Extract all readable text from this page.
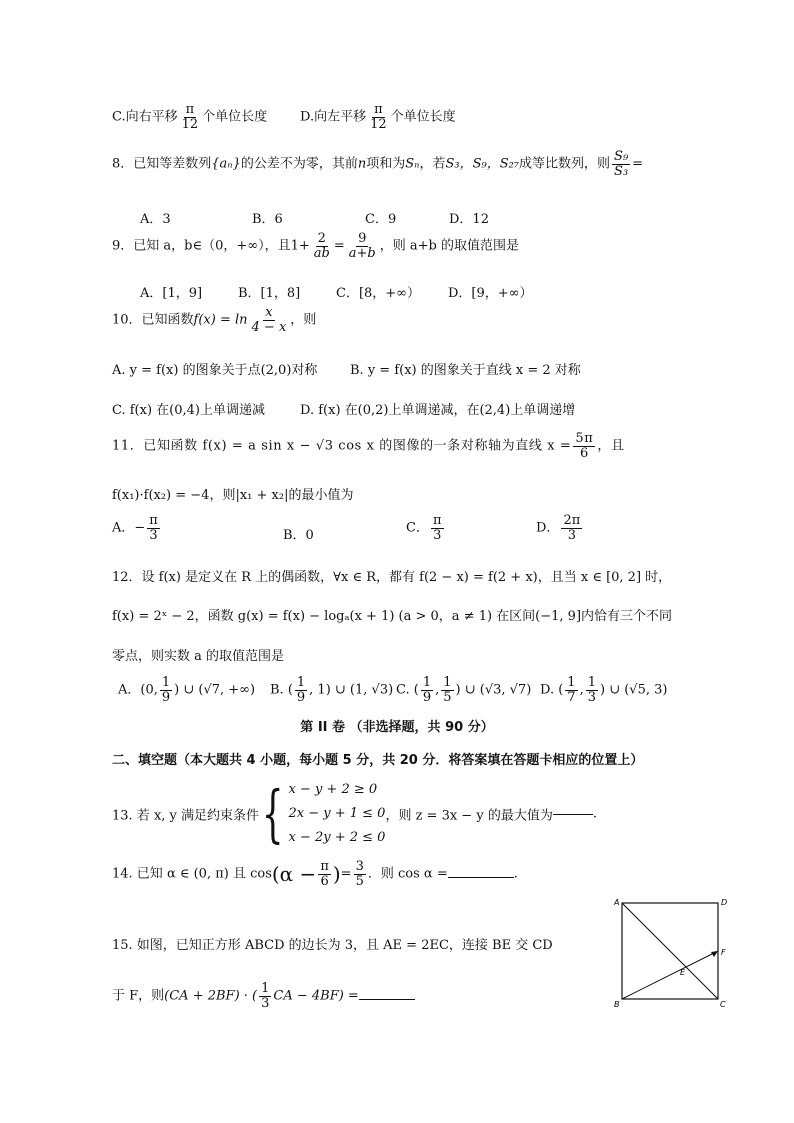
C.向右平移 $\frac{\pi}{12}$ 个单位长度	D.向左平移 $\frac{\pi}{12}$ 个单位长度
8．已知等差数列{aₙ}的公差不为零，其前n项和为Sₙ，若S₃，S₉，S₂₇成等比数列，则 $\frac{\text{S₉}}{\text{S₃}}$ =
A．3	B．6	C．9	D．12
9．已知 a，b∈（0，+∞），且$1+ \frac{2}{ab} = \frac{9}{a+b}$ ，则 a+b 的取值范围是
A．[1，9]	B．[1，8]	C．[8，+∞） D．[9，+∞）
10．已知函数$f(x) = \ln \frac{x}{4 - x}$ ，则
A. y = f(x) 的图象关于点(2,0)对称	B. y = f(x) 的图象关于直线 x = 2 对称
C. f(x) 在(0,4)上单调递减	D. f(x) 在(0,2)上单调递减，在(2,4)上单调递增
11．已知函数 f(x) = a sin x − √3 cos x 的图像的一条对称轴为直线 $x = \frac{5\pi}{6}$ ，且
f(x₁)·f(x₂) = −4，则|x₁ + x₂|的最小值为
A．− $\frac{\pi}{3}$	B．0	C． $\frac{\pi}{3}$	D． $\frac{2\pi}{3}$
12．设 f(x) 是定义在 R 上的偶函数，∀x ∈ R，都有 f(2 − x) = f(2 + x)，且当 x ∈ [0, 2] 时，
f(x) = 2ˣ − 2，函数 g(x) = f(x) − logₐ(x + 1) (a > 0，a ≠ 1) 在区间(−1, 9]内恰有三个不同
零点，则实数 a 的取值范围是
A．(0, $\frac{1}{9}$ ) ∪ (√7, +∞) B. ( $\frac{1}{9}$ , 1) ∪ (1, √3) C. ( $\frac{1}{9}$ , $\frac{1}{5}$ ) ∪ (√3, √7) D. ( $\frac{1}{7}$ , $\frac{1}{3}$ ) ∪ (√5, 3)
第 II 卷 （非选择题，共 90 分）
二、填空题（本大题共 4 小题，每小题 5 分，共 20 分．将答案填在答题卡相应的位置上）
13. 若 x, y 满足约束条件{ x − y + 2 ≥ 0
2x − y + 1 ≤ 0
x − 2y + 2 ≤ 0
，则 z = 3x − y 的最大值为	.
14. 已知 α ∈ (0, π) 且 $\cos(\alpha - \frac{\pi}{6}$ )= $\frac{3}{5}$ ．则 cos α =	.
15. 如图，已知正方形 ABCD 的边长为 3，且 AE = 2EC，连接 BE 交 CD
于 F，则(CA + 2BF) · ( $\frac{1}{3}$ CA − 4BF) =
A	D
F
E
B	C
